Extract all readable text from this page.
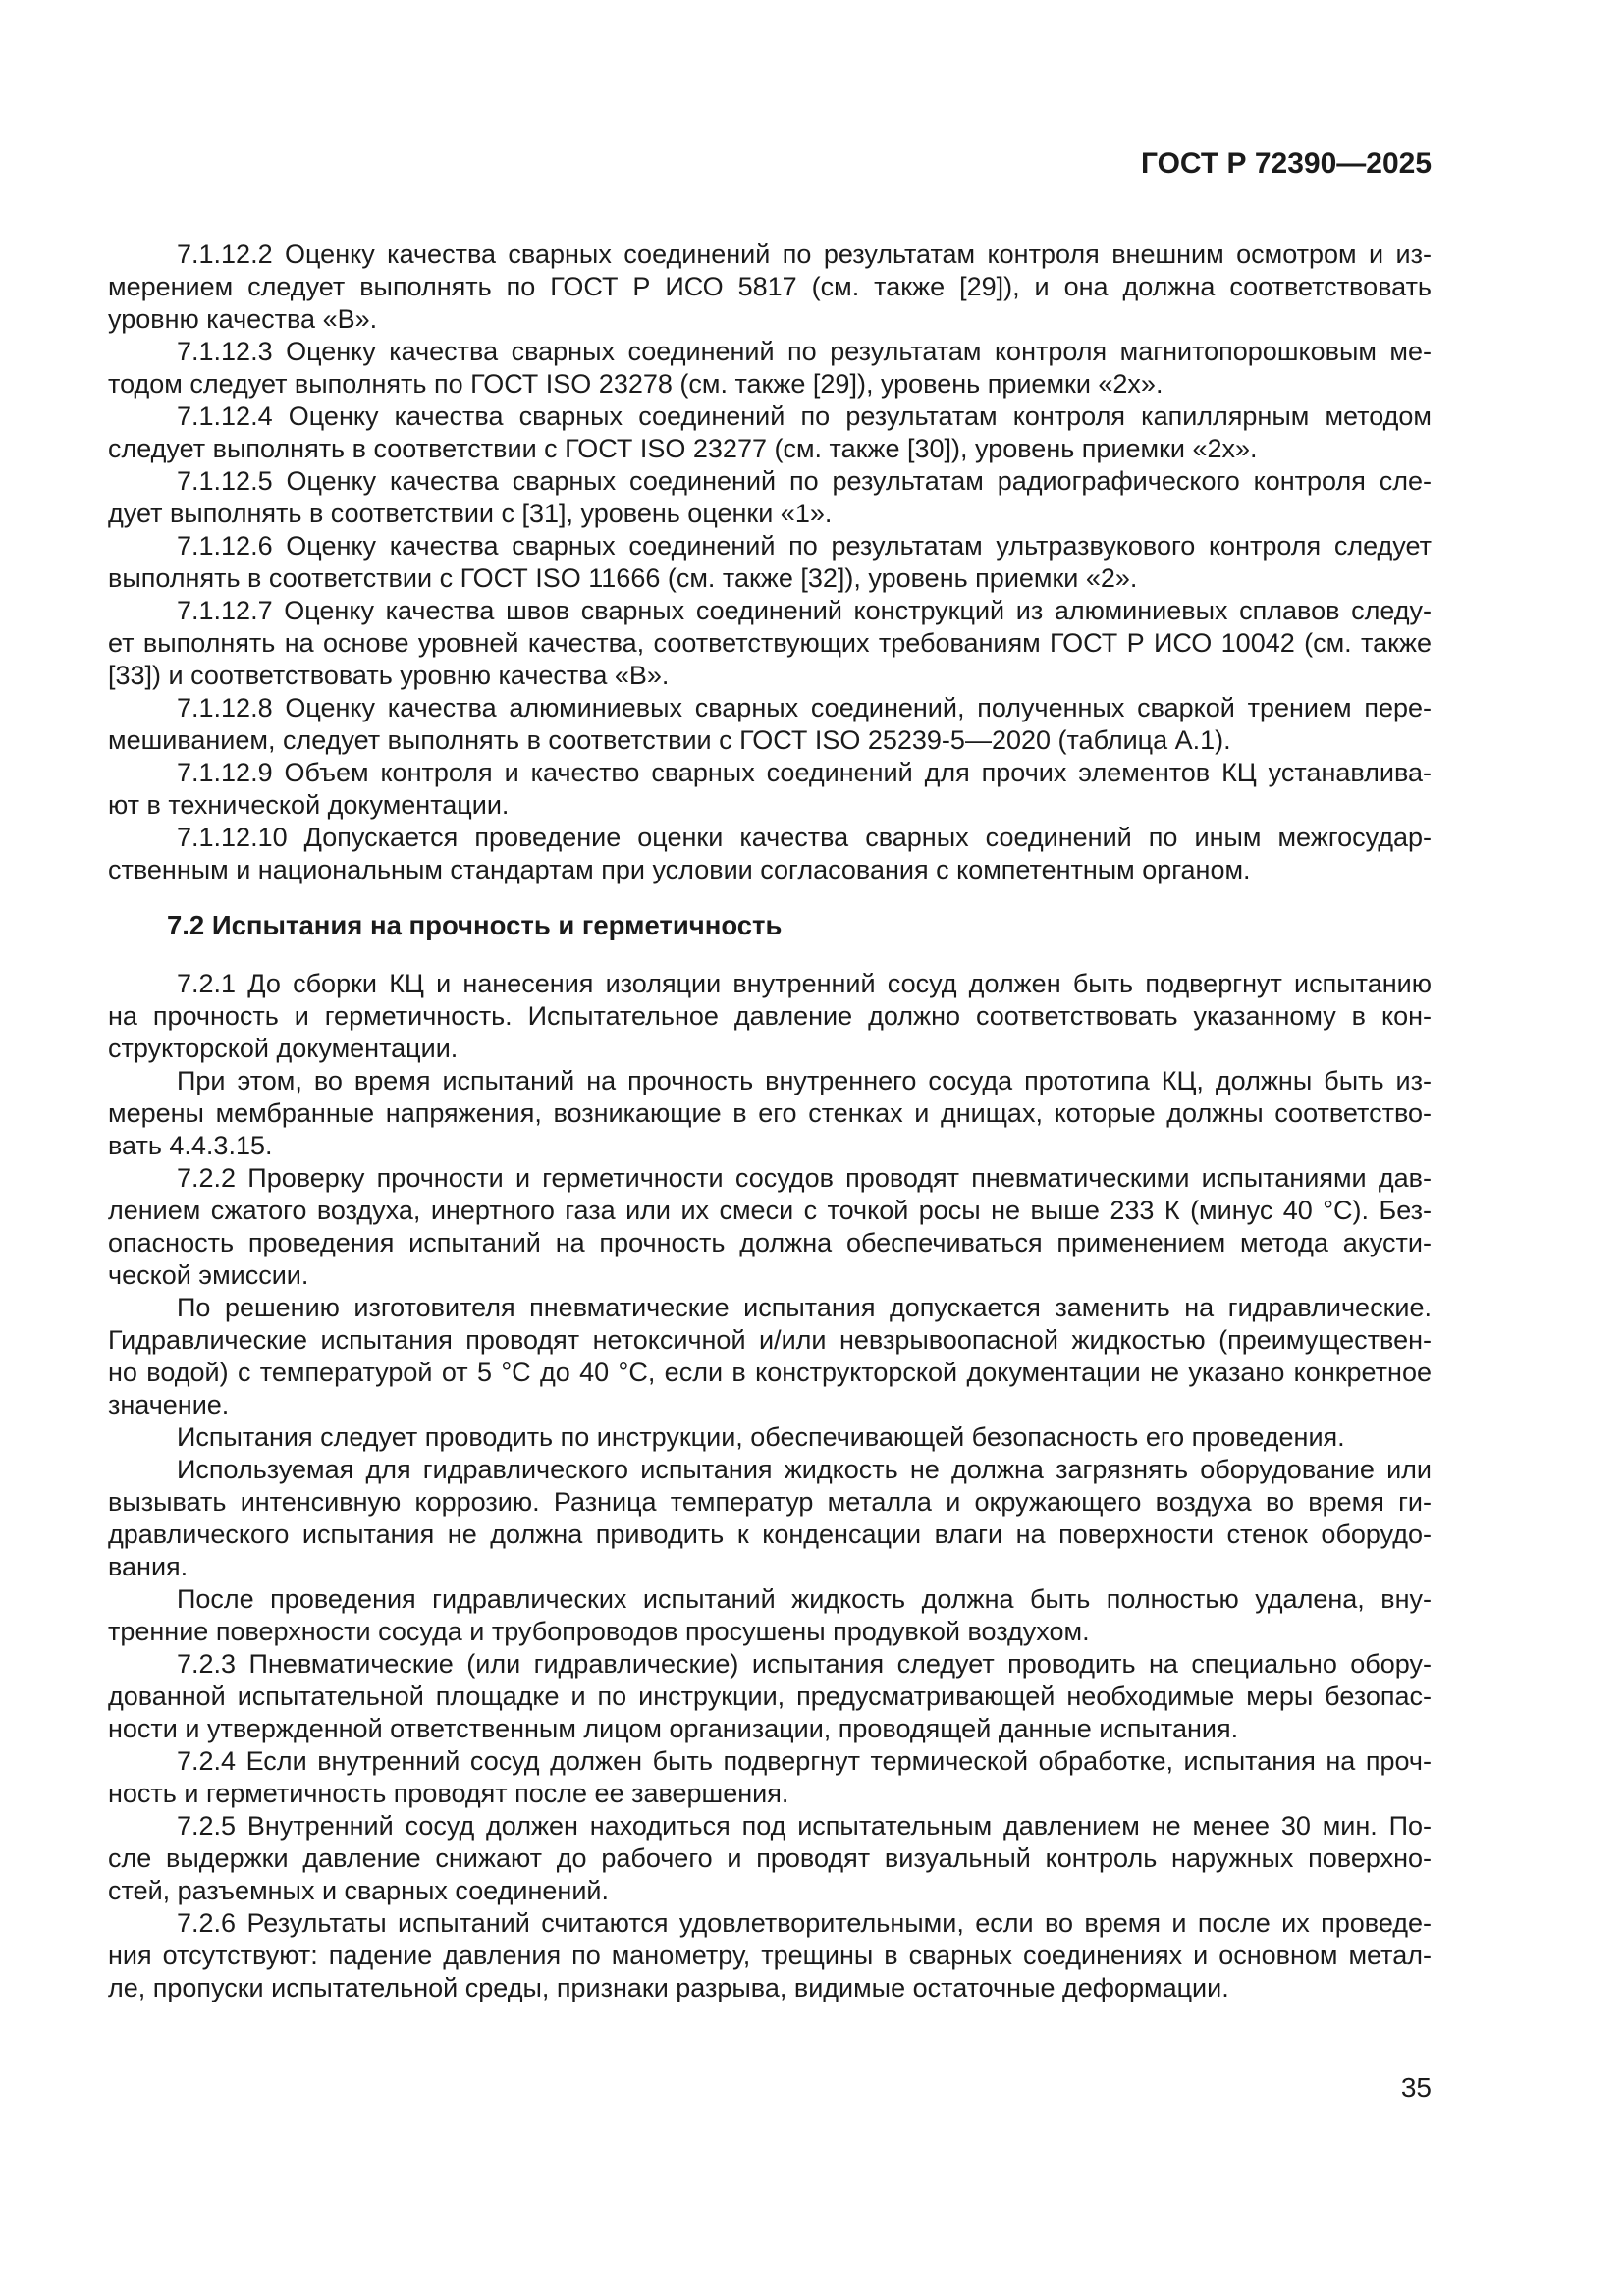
ГОСТ Р 72390—2025

7.1.12.2 Оценку качества сварных соединений по результатам контроля внешним осмотром и из-
мерением следует выполнять по ГОСТ Р ИСО 5817 (см. также [29]), и она должна соответствовать
уровню качества «В».

7.1.12.3 Оценку качества сварных соединений по результатам контроля магнитопорошковым ме-
тодом следует выполнять по ГОСТ ISO 23278 (см. также [29]), уровень приемки «2х».

7.1.12.4 Оценку качества сварных соединений по результатам контроля капиллярным методом
следует выполнять в соответствии с ГОСТ ISO 23277 (см. также [30]), уровень приемки «2х».

7.1.12.5 Оценку качества сварных соединений по результатам радиографического контроля сле-
дует выполнять в соответствии с [31], уровень оценки «1».

7.1.12.6 Оценку качества сварных соединений по результатам ультразвукового контроля следует
выполнять в соответствии с ГОСТ ISO 11666 (см. также [32]), уровень приемки «2».

7.1.12.7 Оценку качества швов сварных соединений конструкций из алюминиевых сплавов следу-
ет выполнять на основе уровней качества, соответствующих требованиям ГОСТ Р ИСО 10042 (см. также
[33]) и соответствовать уровню качества «В».

7.1.12.8 Оценку качества алюминиевых сварных соединений, полученных сваркой трением пере-
мешиванием, следует выполнять в соответствии с ГОСТ ISO 25239-5—2020 (таблица А.1).

7.1.12.9 Объем контроля и качество сварных соединений для прочих элементов КЦ устанавлива-
ют в технической документации.

7.1.12.10 Допускается проведение оценки качества сварных соединений по иным межгосудар-
ственным и национальным стандартам при условии согласования с компетентным органом.

7.2 Испытания на прочность и герметичность

7.2.1 До сборки КЦ и нанесения изоляции внутренний сосуд должен быть подвергнут испытанию
на прочность и герметичность. Испытательное давление должно соответствовать указанному в кон-
структорской документации.

При этом, во время испытаний на прочность внутреннего сосуда прототипа КЦ, должны быть из-
мерены мембранные напряжения, возникающие в его стенках и днищах, которые должны соответство-
вать 4.4.3.15.

7.2.2 Проверку прочности и герметичности сосудов проводят пневматическими испытаниями дав-
лением сжатого воздуха, инертного газа или их смеси с точкой росы не выше 233 К (минус 40 °С). Без-
опасность проведения испытаний на прочность должна обеспечиваться применением метода акусти-
ческой эмиссии.

По решению изготовителя пневматические испытания допускается заменить на гидравлические.
Гидравлические испытания проводят нетоксичной и/или невзрывоопасной жидкостью (преимуществен-
но водой) с температурой от 5 °С до 40 °С, если в конструкторской документации не указано конкретное
значение.

Испытания следует проводить по инструкции, обеспечивающей безопасность его проведения.

Используемая для гидравлического испытания жидкость не должна загрязнять оборудование или
вызывать интенсивную коррозию. Разница температур металла и окружающего воздуха во время ги-
дравлического испытания не должна приводить к конденсации влаги на поверхности стенок оборудо-
вания.

После проведения гидравлических испытаний жидкость должна быть полностью удалена, вну-
тренние поверхности сосуда и трубопроводов просушены продувкой воздухом.

7.2.3 Пневматические (или гидравлические) испытания следует проводить на специально обору-
дованной испытательной площадке и по инструкции, предусматривающей необходимые меры безопас-
ности и утвержденной ответственным лицом организации, проводящей данные испытания.

7.2.4 Если внутренний сосуд должен быть подвергнут термической обработке, испытания на проч-
ность и герметичность проводят после ее завершения.

7.2.5 Внутренний сосуд должен находиться под испытательным давлением не менее 30 мин. По-
сле выдержки давление снижают до рабочего и проводят визуальный контроль наружных поверхно-
стей, разъемных и сварных соединений.

7.2.6 Результаты испытаний считаются удовлетворительными, если во время и после их проведе-
ния отсутствуют: падение давления по манометру, трещины в сварных соединениях и основном метал-
ле, пропуски испытательной среды, признаки разрыва, видимые остаточные деформации.

35
